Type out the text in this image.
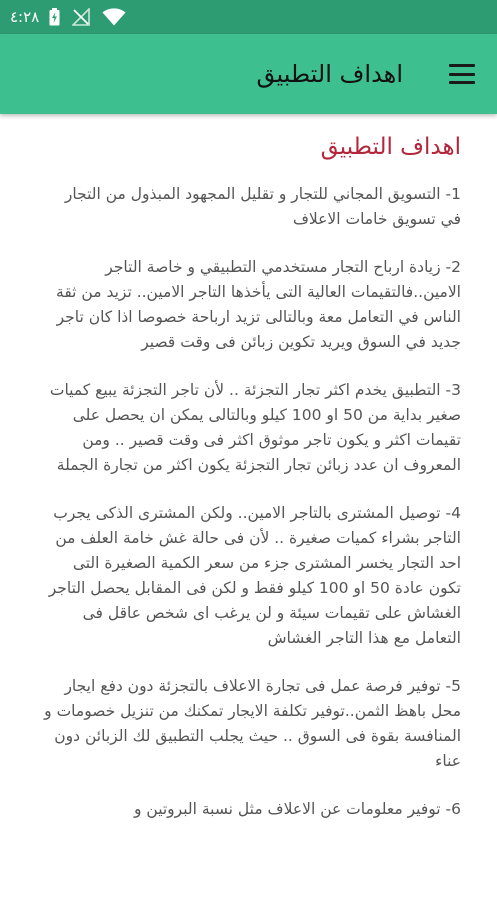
٤:٢٨
اهداف التطبيق
اهداف التطبيق

1- التسويق المجاني للتجار و تقليل المجهود المبذول من التجار في تسويق خامات الاعلاف

2- زيادة ارباح التجار مستخدمي التطبيقي و خاصة التاجر الامين..فالتقيمات العالية التى يأخذها التاجر الامين.. تزيد من ثقة الناس في التعامل معة وبالتالى تزيد ارباحة خصوصا اذا كان تاجر جديد في السوق ويريد تكوين زبائن فى وقت قصير

3- التطبيق يخدم اكثر تجار التجزئة .. لأن تاجر التجزئة يبيع كميات صغير بداية من 50 او 100 كيلو وبالتالى يمكن ان يحصل على تقيمات اكثر و يكون تاجر موثوق اكثر فى وقت قصير .. ومن المعروف ان عدد زبائن تجار التجزئة يكون اكثر من تجارة الجملة

4- توصيل المشترى بالتاجر الامين.. ولكن المشترى الذكى يجرب التاجر بشراء كميات صغيرة .. لأن فى حالة غش خامة العلف من احد التجار يخسر المشترى جزء من سعر الكمية الصغيرة التى تكون عادة 50 او 100 كيلو فقط و لكن فى المقابل يحصل التاجر الغشاش على تقيمات سيئة و لن يرغب اى شخص عاقل فى التعامل مع هذا التاجر الغشاش

5- توفير فرصة عمل فى تجارة الاعلاف بالتجزئة دون دفع ايجار محل باهظ الثمن..توفير تكلفة الايجار تمكنك من تنزيل خصومات و المنافسة بقوة فى السوق .. حيث يجلب التطبيق لك الزبائن دون عناء

6- توفير معلومات عن الاعلاف مثل نسبة البروتين و
